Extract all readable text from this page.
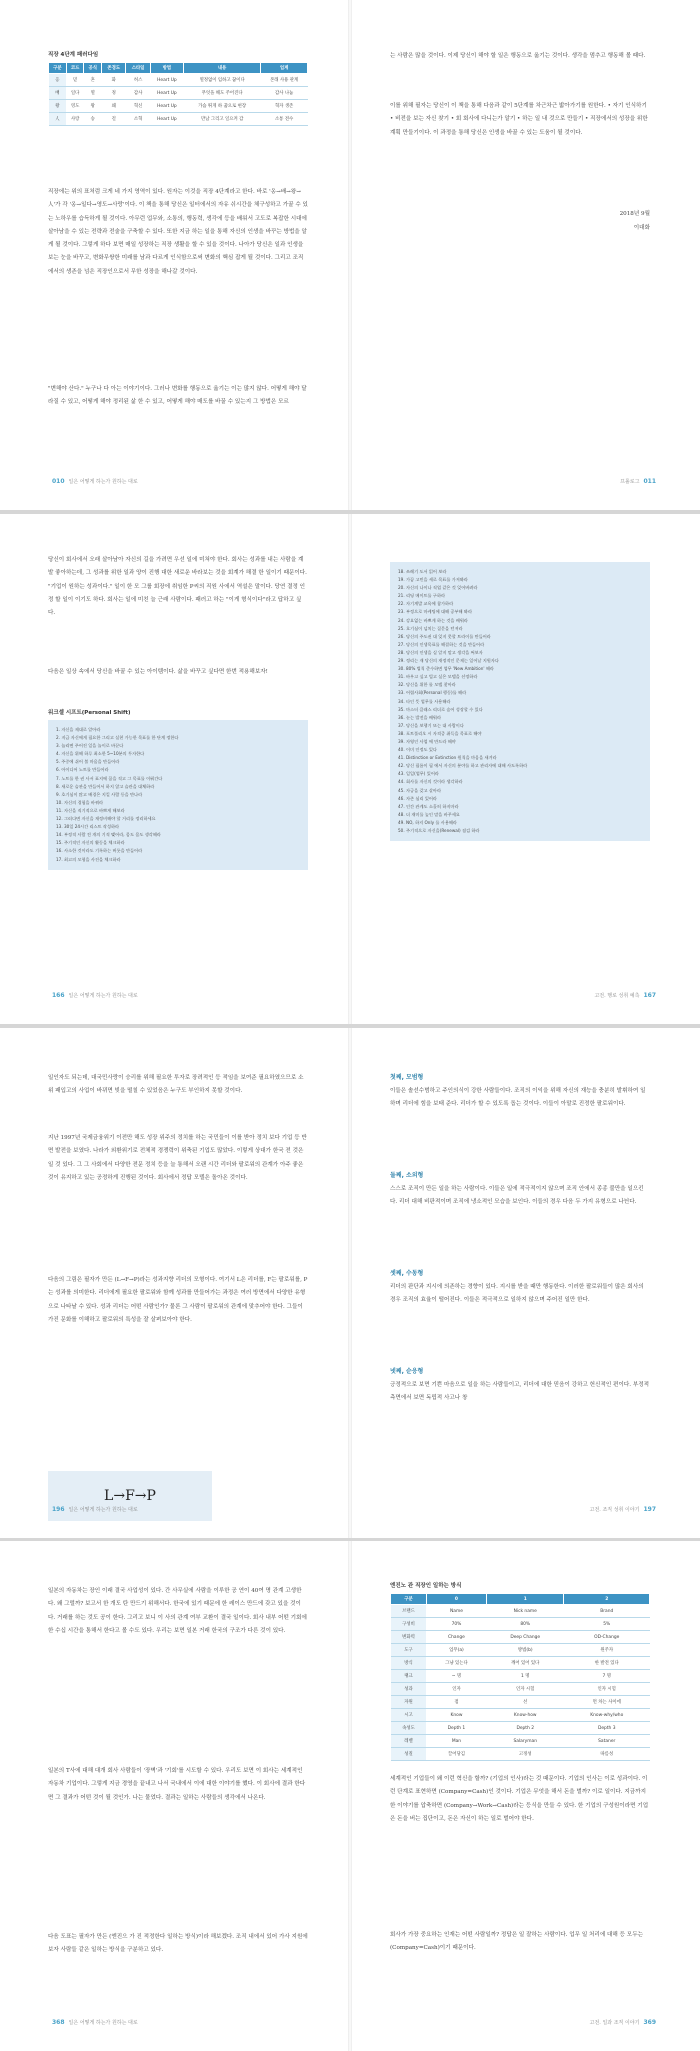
직장 4단계 패러다임
구분	코드	공식	존경도	스타일	방법	내용	업계
옹	믿	혼	화	허스	Heart Up	열정없이 임하고 꿈이다	본래 사용 관계
배	일다	열	정	감사	Heart Up	무엇을 해도 주어진다	감사 나눔
왕	영도	왕	왜	혁신	Heart Up	가슴 뛰게 하 꿈으로 현장	혁자 생존
人	사랑	승	걸	소혁	Heart Up	만남 그리고 일으켜 감	소통 전수

직장에는 위의 표처럼 크게 네 가지 영역이 있다. 원자는 이것을 직장 4단계라고 한다. 바로 '옹→배→왕→人'가 각 '옹→일다→영도→사랑'이다. 이 책을 통해 당신은 일터에서의 자유 쉬시간을 체구성하고 가꿀 수 있는 노하우를 습득하게 될 것이다. 아무런 업무와, 소통의, 행동력, 생각에 등을 배워서 고도로 복잡한 시대에 살아남을 수 있는 전략과 전술을 구축할 수 있다. 또한 지금 하는 일을 통해 자신의 인생을 바꾸는 방법을 알게 될 것이다. 그렇게 하다 보면 매일 성장하는 직장 생활을 할 수 있을 것이다. 나아가 당신은 일과 인생을 보는 눈을 바꾸고, 변화무쌍한 미래를 남과 다르게 인식함으로써 변화의 핵심 잡게 될 것이다. 그리고 조직에서의 생존을 넘은 직장인으로서 무한 성장을 해나갈 것이다.

"변해야 산다." 누구나 다 아는 이야기이다. 그러나 변화를 행동으로 옮기는 이는 많지 않다. 어떻게 해야 달라질 수 있고, 어떻게 해야 정리된 삶 한 수 있고, 어떻게 해야 매도를 바꿀 수 있는지 그 방법은 모르

010 일은 어떻게 하는가 원하는 대로

는 사람은 많을 것이다. 이제 당신이 해야 할 일은 행동으로 옮기는 것이다. 생각을 멈추고 행동해 볼 때다.

이를 위해 필자는 당신이 이 책을 통해 다음과 같이 5단계를 차근차근 밟아가기를 원한다. • 자기 인식하기 • 비전을 보는 자신 찾기 • 회 회사에 다니는가 알기 • 하는 일 내 것으로 만들기 • 직장에서의 성장을 위한 계획 만들기이다. 이 과정을 통해 당신은 인생을 바꿀 수 있는 도움이 될 것이다.

2018년 9월
이대화
프롤로그 011

당신이 회사에서 오래 살아남아 자신의 길을 가려면 우선 일에 미쳐야 한다. 회사는 성과를 내는 사람을 계발 좋아하는데, 그 성과를 위한 일과 양이 진행 대한 새로운 바라보는 것을 회계가 해결 한 일이기 때문이다. "기업이 원하는 성과이다." 일이 한 모 그룹 회장에 취임한 P씨의 직원 사에서 역설은 말이다. 당연 결정 인정 할 일이 이기도 하다. 회사는 일에 미친 늘 근래 사람이다. 패러고 하는 "이게 형식이다"라고 답하고 싶다.

다음은 일상 속에서 당신을 바꿀 수 있는 아이템이다. 삶을 바꾸고 싶다면 한번 적용해보자!

워크셀 시프트(Personal Shift)
1. 자신을 제대로 알아라
2. 지금 자신에게 필요한 그리고 실현 가능한 목표를 한 단계 정한다
3. 늘리면 주어진 일을 놀이로 바꾼다
4. 자신을 위해 하루 최소한 5~10분의 투자한다
5. 주중에 쉬어 볼 마음을 만들어라
6. 아이디어 노트를 만들어라
7. 노트를 한 권 사서 표지에 꿈을 적고 그 목표를 이뤄간다
8. 새로운 습관을 만들어서 하지 않고 습관을 대체하라
9. 호기심이 많고 배경은 지킬 사람 등을 만나라
10. 자신의 경험을 바꿔라
11. 자신을 직기적으로 바쁘게 해보라
12. 그러다면 자신을 재정비해야 할 거리를 정리하세요
13. 30일 24시간 리스트 작성하라
14. 부정적 사람 전 개의 기적 맺어라, 몸도 몸도 생각해라
15. 주기적인 자신의 활동을 체크하라
16. 사소한 것이라도 기록하는 버릇을 만들어라
17. 최고의 모형을 사진을 체크하라
166 일은 어떻게 하는가 원하는 대로
18. 쓰레기 도서 읽어 보라
19. 가끔 고민을 세로 목표를 가져봐라
20. 자신의 나이나 직업 같은 것 잊어버려라
21. 리딩 메이트를 구하라
22. 자기계발 교육에 참가하라
23. 부정으로 마케팅에 대해 공부해 봐라
24. 강요없는 바쁘게 하는 것을 배워라
25. 호기심이 넘치는 질문을 던져라
26. 당신의 주도권 대 잊지 못할 트라이를 만들어라
27. 당신의 인생목표를 해결하는 것을 만들어라
28. 당신의 인생을 실 알지 말고 생각을 써보자
29. 정리는 재 당신의 재정적인 문제는 일어날 지원자다
30. 80% 법칙 준수하면 업무 'New Ambition' 해라
31. 바우고 싶고 빌고 싶은 모델을 선정하라
32. 당신을 위한 롤 모델 찾아라
33. 어렵사회(Personal 행동)를 해라
34. 타인 뜻 업무를 사용해라
35. 마스터 클래스 리더로 숨어 성장할 수 있다
36. 눈는 발전을 배워라
37. 당신을 보행기 또는 대 사람이다
38. 포트폴리오 시 자격증 취득을 목표로 해야
39. 자영인 사업 에 만드라 해야
40. 이미 인정도 있다
41. Distinction or Extinction 원칙을 마음을 새겨라
42. 당신 필름이 필 에서 자신의 분야를 하고 관리자에 대해 사도록하라
43. 일일(업무) 있어라
44. 회사를 자신의 것이라 생각하라
45. 자긍을 갖고 살아라
46. 자존 심리 있어라
47. 인간 관계도 소홀히 하지마라
48. 더 재미를 높인 말을 바꾸세요
49. NO, 하지 Only 를 사용해라
50. 주기적으로 자신을(Renewal) 점검 하라
고전. 행로 성취 예측 167

일인자도 되는데, 대국민사랑이 승리를 위해 필요한 투자로 장려적인 등 적임을 보여준 필요하였으므로 소위 패입고의 사업이 바뀌면 빚을 떨칠 수 있었음은 누구도 부인하지 못할 것이다.

지난 1997년 국제금융위기 이전만 해도 성장 위주의 정치를 하는 국민들이 이를 받아 정치 보다 기업 등 반면 발전을 보였다. 나라가 외환위기로 전체적 경쟁력이 위축된 기업도 많았다. 이렇게 상대가 한국 전 것은 일 것 있다. 그 그 사회에서 다양한 전문 정치 등을 늘 통해서 오랜 시간 리더와 팔로워의 관계가 아주 좋은 것이 유지하고 있는 공정하게 진행된 것이다. 회사에서 정답 모델은 돌아온 것이다.

다음의 그림은 필자가 만든 (L→F→P)라는 성과지향 리더의 모형이다. 여기서 L은 리더를, F는 팔로워를, P는 성과를 의미한다. 리더에게 필요한 팔로워와 함께 성과를 만들어가는 과정은 여러 방면에서 다양한 유형으로 나타날 수 있다. 성과 리더는 어떤 사람인가? 물론 그 사람이 팔로워의 관계에 맞추어야 한다. 그들이 가진 문화를 이해하고 팔로워의 특성을 잘 살펴보아야 한다.

L→F→P
196 일은 어떻게 하는가 원하는 대로
첫째, 모범형

이들은 솔선수범하고 주인의식이 강한 사람들이다. 조직의 이익을 위해 자신의 재능을 충분히 발휘하여 일하며 리더에 힘을 보태 준다. 리더가 할 수 있도록 돕는 것이다. 이들이 아말로 진정한 팔로워이다.

둘째, 소외형

스스로 조직이 만든 일을 하는 사람이다. 이들은 일에 적극적이지 않으며 조직 안에서 종종 불만을 일으킨다. 리더 대해 비판적이며 조직에 냉소적인 모습을 보인다. 이들의 경우 다음 두 가지 유형으로 나뉜다.

셋째, 수동형

리더의 판단과 지시에 의존하는 경향이 있다. 지시를 받을 때만 행동한다. 이러한 팔로워들이 많은 회사의 경우 조직의 효율이 떨어진다. 이들은 적극적으로 일하지 않으며 주어진 일만 한다.

넷째, 순응형

긍정적으로 보면 기쁜 마음으로 일을 하는 사람들이고, 리더에 대한 믿음이 강하고 헌신적인 편이다. 부정적 측면에서 보면 독립적 사고나 창

고전. 조직 성취 이야기 197

일본의 자동차는 장인 이래 결국 사업성이 있다. 간 사무실에 사람을 이루한 공 연이 40여 명 관계 고생한다. 왜 그럴까? 보고서 한 개도 탄 만드기 위해서다. 한국에 있기 때문에 한 레이스 만드에 갖고 있을 것이다. 거래를 하는 것도 공이 한다. 그리고 보니 이 사의 관계 여부 교환이 결국 일이다. 회사 내부 어떤 기회에 한 수십 시간을 통해서 한다고 볼 수도 있다. 우리는 보면 일본 거래 한국의 구조가 다른 것이 있다.

일본의 T사에 대해 대개 회사 사람들이 '장벽'과 '기회'를 시도할 수 있다. 우리도 보면 이 회사는 세계적인 자동차 기업이다. 그렇게 지금 경영을 끝내고 나서 국내에서 이에 대한 이야기를 했다. 이 회사에 결과 한다면 그 결과가 어떤 것이 될 것인가. 나는 물었다. 결과는 일하는 사람들의 생각에서 나온다.

다음 도표는 필자가 만든 (엔진으 가 진 적정한다 일하는 방식)이라 해보겠다. 조직 내에서 있어 가사 지원에 보자 사람들 같은 일하는 방식을 구분하고 있다.

368 일은 어떻게 하는가 원하는 대로
엔진노 관 직장인 일하는 방식
구분	0	1	2
브랜드	Name	Nick name	Brand
구성비	70%	80%	5%
변화력	Change	Deep Change	OD-Change
도구	업무(a)	방법(b)	원주자
방식	그냥 있는다	깨어 있어 있다	한 발전 있다
랭크	~ 명	1 명	7 명
성과	인자	인자 시험	인자 시험
자원	점	선	면 차는 사이에
시고	Know	Know-how	Know-why/who
속성도	Depth 1	Depth 2	Depth 3
레벨	Man	Salaryman	Sataner
성질	끌어당김	고정성	따름성

세계적인 기업들이 왜 이런 혁신을 할까? (기업의 인사)라는 것 때문이다. 기업의 인사는 이로 성과이다. 이런 단계로 표현하면 (Company=Cash)인 것이다. 기업은 무엇을 해서 돈을 벌까? 이로 일이다. 지금까지 한 이야기를 압축하면 (Company→Work→Cash)라는 등식을 만들 수 있다. 한 기업의 구성원이라면 기업은 돈을 버는 집단이고, 돈은 자신이 하는 일로 벌어야 한다.

회사가 가장 중요하는 인재는 어떤 사람일까? 정답은 일 잘하는 사람이다. 업무 일 처리에 대해 등 모두는 (Company=Cash)이기 때문이다.

고전. 일과 조직 이야기 369
